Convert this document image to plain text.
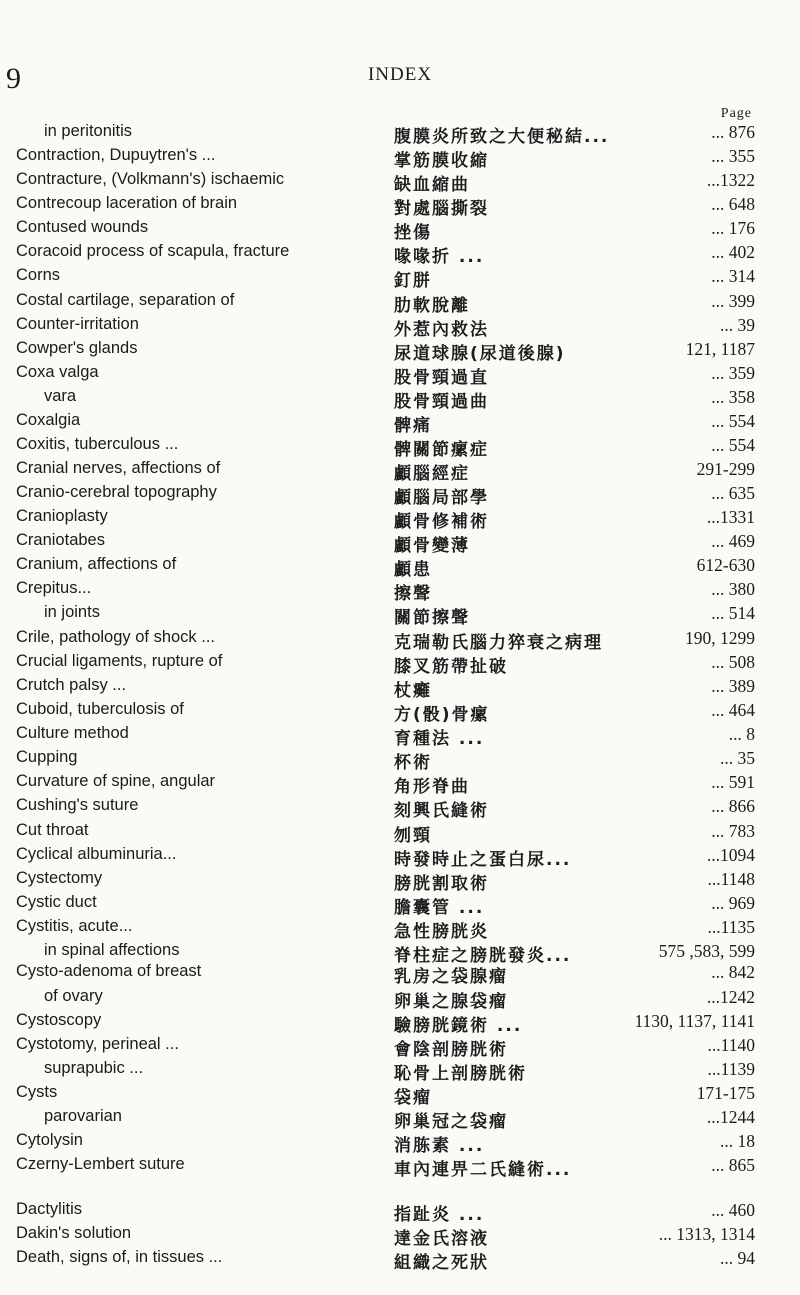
9	INDEX
Page
in peritonitis	腹膜炎所致之大便秘結...	... 876
Contraction, Dupuytren's ...	掌筋膜收縮	... 355
Contracture, (Volkmann's) ischaemic	缺血縮曲	...1322
Contrecoup laceration of brain	對處腦撕裂	... 648
Contused wounds	挫傷	... 176
Coracoid process of scapula, fracture	喙喙折 ...	... 402
Corns	釘胼	... 314
Costal cartilage, separation of	肋軟脫離	... 399
Counter-irritation	外惹內救法	... 39
Cowper's glands	尿道球腺(尿道後腺)	121, 1187
Coxa valga	股骨頸過直	... 359
vara	股骨頸過曲	... 358
Coxalgia	髀痛	... 554
Coxitis, tuberculous ...	髀關節瘰症	... 554
Cranial nerves, affections of	顱腦經症	291-299
Cranio-cerebral topography	顱腦局部學	... 635
Cranioplasty	顱骨修補術	...1331
Craniotabes	顱骨變薄	... 469
Cranium, affections of	顱患	612-630
Crepitus...	擦聲	... 380
in joints	關節擦聲	... 514
Crile, pathology of shock ...	克瑞勒氏腦力猝衰之病理	190, 1299
Crucial ligaments, rupture of	膝叉筋帶扯破	... 508
Crutch palsy ...	杖癱	... 389
Cuboid, tuberculosis of	方(骰)骨瘰	... 464
Culture method	育種法 ...	... 8
Cupping	杯術	... 35
Curvature of spine, angular	角形脊曲	... 591
Cushing's suture	刻興氏縫術	... 866
Cut throat	刎頸	... 783
Cyclical albuminuria...	時發時止之蛋白尿...	...1094
Cystectomy	膀胱割取術	...1148
Cystic duct	膽囊管 ...	... 969
Cystitis, acute...	急性膀胱炎	...1135
in spinal affections	脊柱症之膀胱發炎...	575 ,583, 599
Cysto-adenoma of breast	乳房之袋腺瘤	... 842
of ovary	卵巢之腺袋瘤	...1242
Cystoscopy	驗膀胱鏡術 ...	1130, 1137, 1141
Cystotomy, perineal ...	會陰剖膀胱術	...1140
suprapubic ...	恥骨上剖膀胱術	...1139
Cysts	袋瘤	171-175
parovarian	卵巢冠之袋瘤	...1244
Cytolysin	消胨素 ...	... 18
Czerny-Lembert suture	車內連畀二氏縫術...	... 865
Dactylitis	指趾炎 ...	... 460
Dakin's solution	達金氏溶液	... 1313, 1314
Death, signs of, in tissues ...	組織之死狀	... 94
